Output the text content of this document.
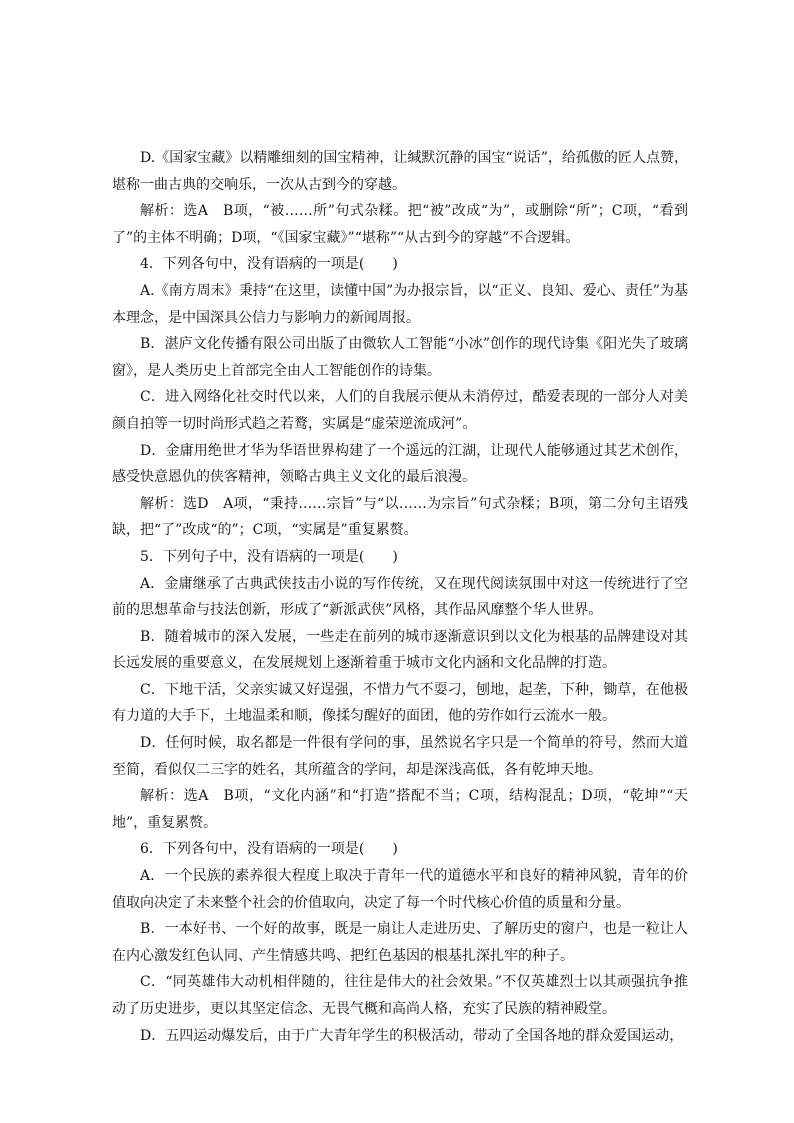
D.《国家宝藏》以精雕细刻的国宝精神，让缄默沉静的国宝“说话”，给孤傲的匠人点赞，堪称一曲古典的交响乐，一次从古到今的穿越。

解析：选A　B项，“被……所”句式杂糅。把“被”改成“为”，或删除“所”；C项，“看到了”的主体不明确；D项，“《国家宝藏》”“堪称”“从古到今的穿越”不合逻辑。

4．下列各句中，没有语病的一项是(　　)

A.《南方周末》秉持“在这里，读懂中国”为办报宗旨，以“正义、良知、爱心、责任”为基本理念，是中国深具公信力与影响力的新闻周报。

B．湛庐文化传播有限公司出版了由微软人工智能“小冰”创作的现代诗集《阳光失了玻璃窗》，是人类历史上首部完全由人工智能创作的诗集。

C．进入网络化社交时代以来，人们的自我展示便从未消停过，酷爱表现的一部分人对美颜自拍等一切时尚形式趋之若鹜，实属是“虚荣逆流成河”。

D．金庸用绝世才华为华语世界构建了一个遥远的江湖，让现代人能够通过其艺术创作，感受快意恩仇的侠客精神，领略古典主义文化的最后浪漫。

解析：选D　A项，“秉持……宗旨”与“以……为宗旨”句式杂糅；B项，第二分句主语残缺，把“了”改成“的”；C项，“实属是”重复累赘。

5．下列句子中，没有语病的一项是(　　)

A．金庸继承了古典武侠技击小说的写作传统，又在现代阅读氛围中对这一传统进行了空前的思想革命与技法创新，形成了“新派武侠”风格，其作品风靡整个华人世界。

B．随着城市的深入发展，一些走在前列的城市逐渐意识到以文化为根基的品牌建设对其长远发展的重要意义，在发展规划上逐渐着重于城市文化内涵和文化品牌的打造。

C．下地干活，父亲实诚又好逞强，不惜力气不耍刁，刨地，起垄，下种，锄草，在他极有力道的大手下，土地温柔和顺，像揉匀醒好的面团，他的劳作如行云流水一般。

D．任何时候，取名都是一件很有学问的事，虽然说名字只是一个简单的符号，然而大道至简，看似仅二三字的姓名，其所蕴含的学问，却是深浅高低，各有乾坤天地。

解析：选A　B项，“文化内涵”和“打造”搭配不当；C项，结构混乱；D项，“乾坤”“天地”，重复累赘。

6．下列各句中，没有语病的一项是(　　)

A．一个民族的素养很大程度上取决于青年一代的道德水平和良好的精神风貌，青年的价值取向决定了未来整个社会的价值取向，决定了每一个时代核心价值的质量和分量。

B．一本好书、一个好的故事，既是一扇让人走进历史、了解历史的窗户，也是一粒让人在内心激发红色认同、产生情感共鸣、把红色基因的根基扎深扎牢的种子。

C．“同英雄伟大动机相伴随的，往往是伟大的社会效果。”不仅英雄烈士以其顽强抗争推动了历史进步，更以其坚定信念、无畏气概和高尚人格，充实了民族的精神殿堂。

D．五四运动爆发后，由于广大青年学生的积极活动，带动了全国各地的群众爱国运动，
